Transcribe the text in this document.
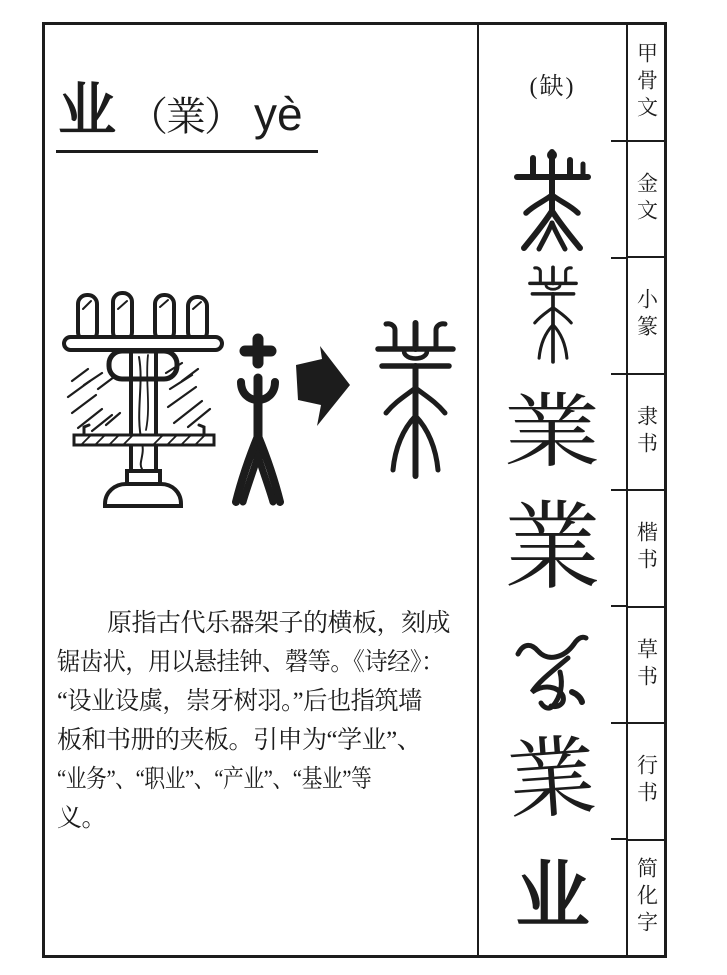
业 （業） yè
原指古代乐器架子的横板，刻成
锯齿状，用以悬挂钟、磬等。《诗经》：
“设业设虡，崇牙树羽。”后也指筑墙
板和书册的夹板。引申为“学业”、
“业务”、“职业”、“产业”、“基业”等
义。
(缺)
業
業
業
业
甲骨文
金文
小篆
隶书
楷书
草书
行书
简化字
